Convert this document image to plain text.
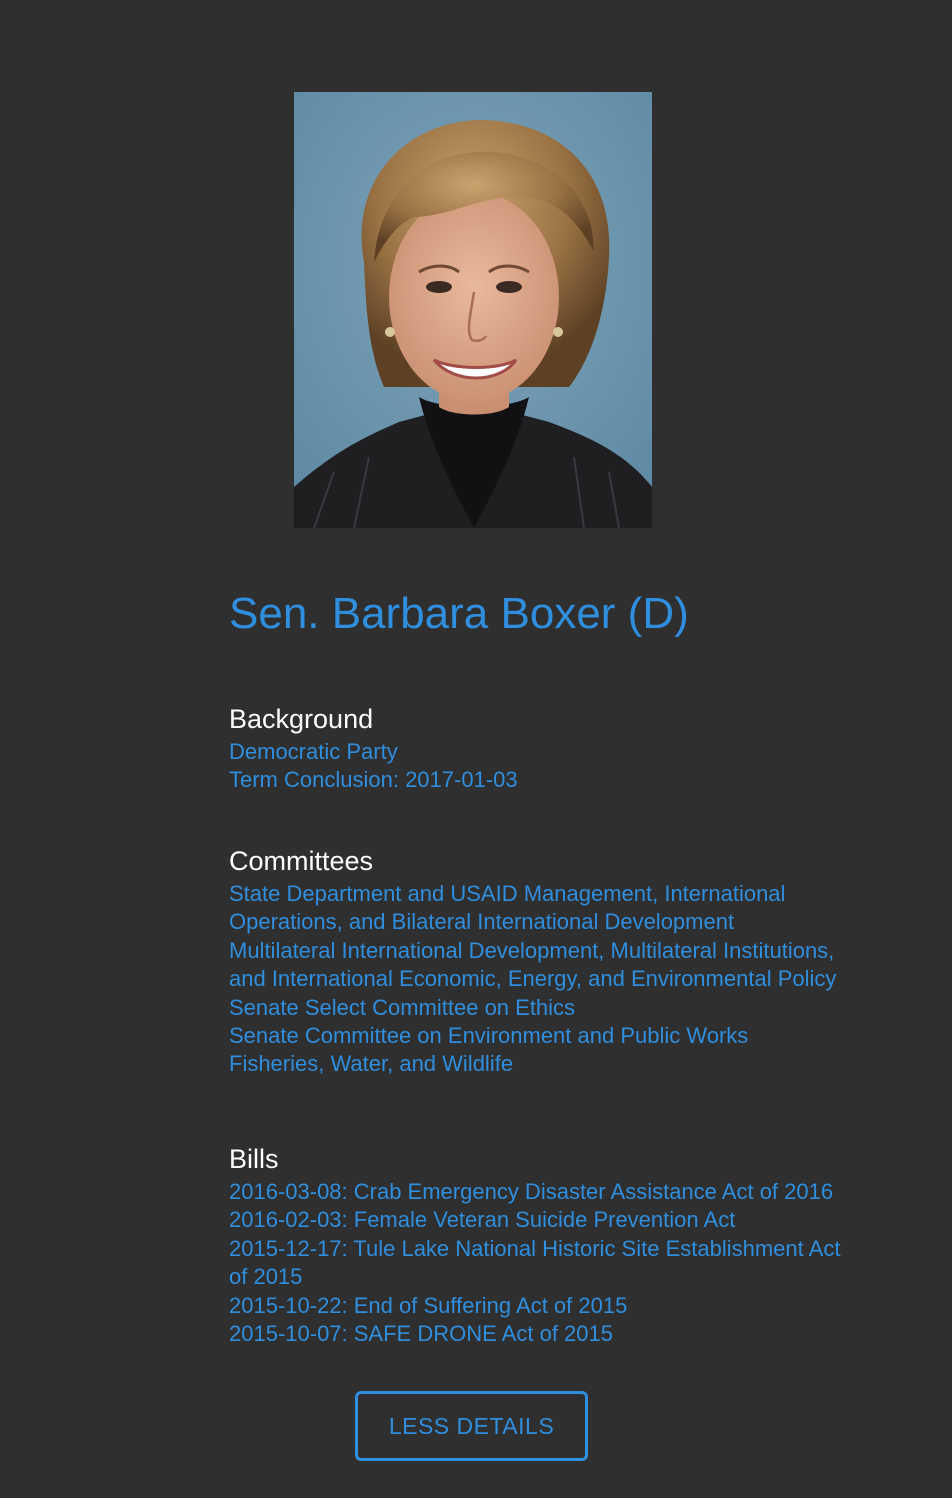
Sen. Barbara Boxer (D)
Background

Democratic Party

Term Conclusion: 2017-01-03

Committees

State Department and USAID Management, International

Operations, and Bilateral International Development

Multilateral International Development, Multilateral Institutions,

and International Economic, Energy, and Environmental Policy

Senate Select Committee on Ethics

Senate Committee on Environment and Public Works

Fisheries, Water, and Wildlife

Bills

2016-03-08: Crab Emergency Disaster Assistance Act of 2016

2016-02-03: Female Veteran Suicide Prevention Act

2015-12-17: Tule Lake National Historic Site Establishment Act

of 2015

2015-10-22: End of Suffering Act of 2015

2015-10-07: SAFE DRONE Act of 2015

LESS DETAILS
